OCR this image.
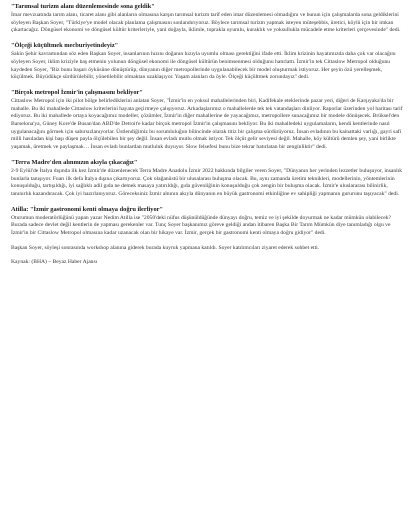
"Tarımsal turizm alanı düzenlemesinde sona geldik"

İmar mevzuatında tarım alanı, ticaret alanı gibi alanların olmasına karşın tarımsal turizm tarif eden imar düzenlemesi olmadığını ve bunun için çalışmalarda sona geldiklerini söyleyen Başkan Soyer, "Türkiye'ye model olacak planlama çalışmasını sonlandırıyoruz. Böylece tarımsal turizm yapmak isteyen müteşebbis, üretici, köylü için bir imkan çıkartacağız. Döngüsel ekonomi ve döngüsel kültür kriterleriyle, yani doğayla, iklimle, toprakla uyumlu, kuraklık ve yoksullukla mücadele etme kriterleri çerçevesinde" dedi.

"Ölçeği küçültmek mecburiyetindeyiz"

Sakin Şehir kavramından söz eden Başkan Soyer, insanlarının hızını doğanın hızıyla uyumlu olması gerektiğini ifade etti. İklim krizinin hayatımızda daha çok var olacağını söyleyen Soyer, iklim kriziyle baş etmenin yolunun döngüsel ekonomi ile döngüsel kültürün benimsenmesi olduğunu hatırlattı. İzmir'in tek Cittaslow Metropol olduğunu kaydeden Soyer, "Biz bunu başarı öyküsüne dönüştürüp, dünyanın diğer metropollerinde uygulanabilecek bir model oluşturmak istiyoruz. Her şeyin özü yerelleşmek, küçülmek. Büyüdükçe sürdürülebilir, yönetilebilir olmaktan uzaklaşıyor. Yaşam alanları da öyle. Ölçeği küçültmek zorundayız" dedi.

"Birçok metropol İzmir'in çalışmasını bekliyor"

Cittaslow Metropol için iki pilot bölge belirlediklerini anlatan Soyer, "İzmir'in en yoksul mahallelerinden biri, Kadifekale eteklerinde pazar yeri, diğeri de Karşıyaka'da bir mahalle. Bu iki mahallede Cittaslow kriterlerini hayata geçirmeye çalışıyoruz. Arkadaşlarımız o mahallelerde tek tek vatandaşları dinliyor. Raporlar üzerinden yol haritası tarif ediyoruz. Bu iki mahallede ortaya koyacağımız modeller, çözümler, İzmir'in diğer mahallerine de yayacağımız, metropollere sunacağımız bir modele dönüşecek. Brüksel'den Barselona'ya, Güney Kore'de Busan'dan ABD'de Detroit'e kadar birçok metropol İzmir'in çalışmasını bekliyor. Bu iki mahalledeki uygulamaların, kendi kentlerinde nasıl uygulanacağını görmek için sabırsızlanıyorlar. Üstlendiğimiz bu sorumluluğun bilincinde olarak titiz bir çalışma sürdürüyoruz. İnsan evladının bu kainattaki varlığı, gayri safi milli hasıladan kişi başı düşen payla ölçülebilen bir şey değil. İnsan evladı mutlu olmak istiyor. Tek ölçüt gelir seviyesi değil. Mahalle, köy kültürü demlen şey, yani birlikte yaşamak, üretmek ve paylaşmak… İnsan evladı bunlardan mutluluk duyuyor. Slow felsefesi bunu bize tekrar hatırlatan bir zenginliktir" dedi.

"Terra Madre'den alınmızın akıyla çıkacağız"

2-9 Eylül'de İtalya dışında ilk kez İzmir'de düzenlenecek Terra Madre Anadolu İzmir 2022 hakkında bilgiler veren Soyer, "Dünyanın her yerinden lezzetler buluşuyor, insanlık bunlarla tanışıyor. Fuarı ilk defa İtalya dışına çıkartıyoruz. Çok olağanüstü bir ulusalarası buluşma olacak. Bu, aynı zamanda üretim teknikleri, modellerinin, yöntemlerinin konuşulduğu, tartışıldığı, iyi sağlıklı adil gıda ne demek masaya yatırıldığı, gıda güvenliğinin konuşulduğu çok zengin bir buluşma olacak. İzmir'e uluslararası bilinirlik, tanınırlık kazandıracak. Çok iyi hazırlanıyoruz. Göreceksiniz İzmir alnının akıyla dünyanın en büyük gastronomi etkinliğine ev sahipliği yapmanın gururunu taşıyacak" dedi.

Atilla: "İzmir gastronomi kenti olmaya doğru ilerliyor"

Oturumun moderatörlüğünü yapan yazar Nedim Atilla ise "2050'deki nüfus düşünüldüğünde dünyayı doğru, temiz ve iyi şekilde doyurmak ne kadar mümkün olabilecek? Burada sadece devlet değil kentlerin de yapması gerekenler var. Tunç Soyer başkanımız göreve geldiği andan itibaren Başka Bir Tarım Mümkün diye tanımladığı olgu ve İzmir'in bir Cittaslow Metropol olmasına kadar uzanacak olan bir hikaye var. İzmir, gerçek bir gastronomi kenti olmaya doğru gidiyor" dedi.

Başkan Soyer, söyleşi sonrasında workshop alanına giderek burada kuyruk yapmana katıldı. Soyer katılımcıları ziyaret ederek sohbet etti.

Kaynak: (BHA) – Beyaz Haber Ajansı
